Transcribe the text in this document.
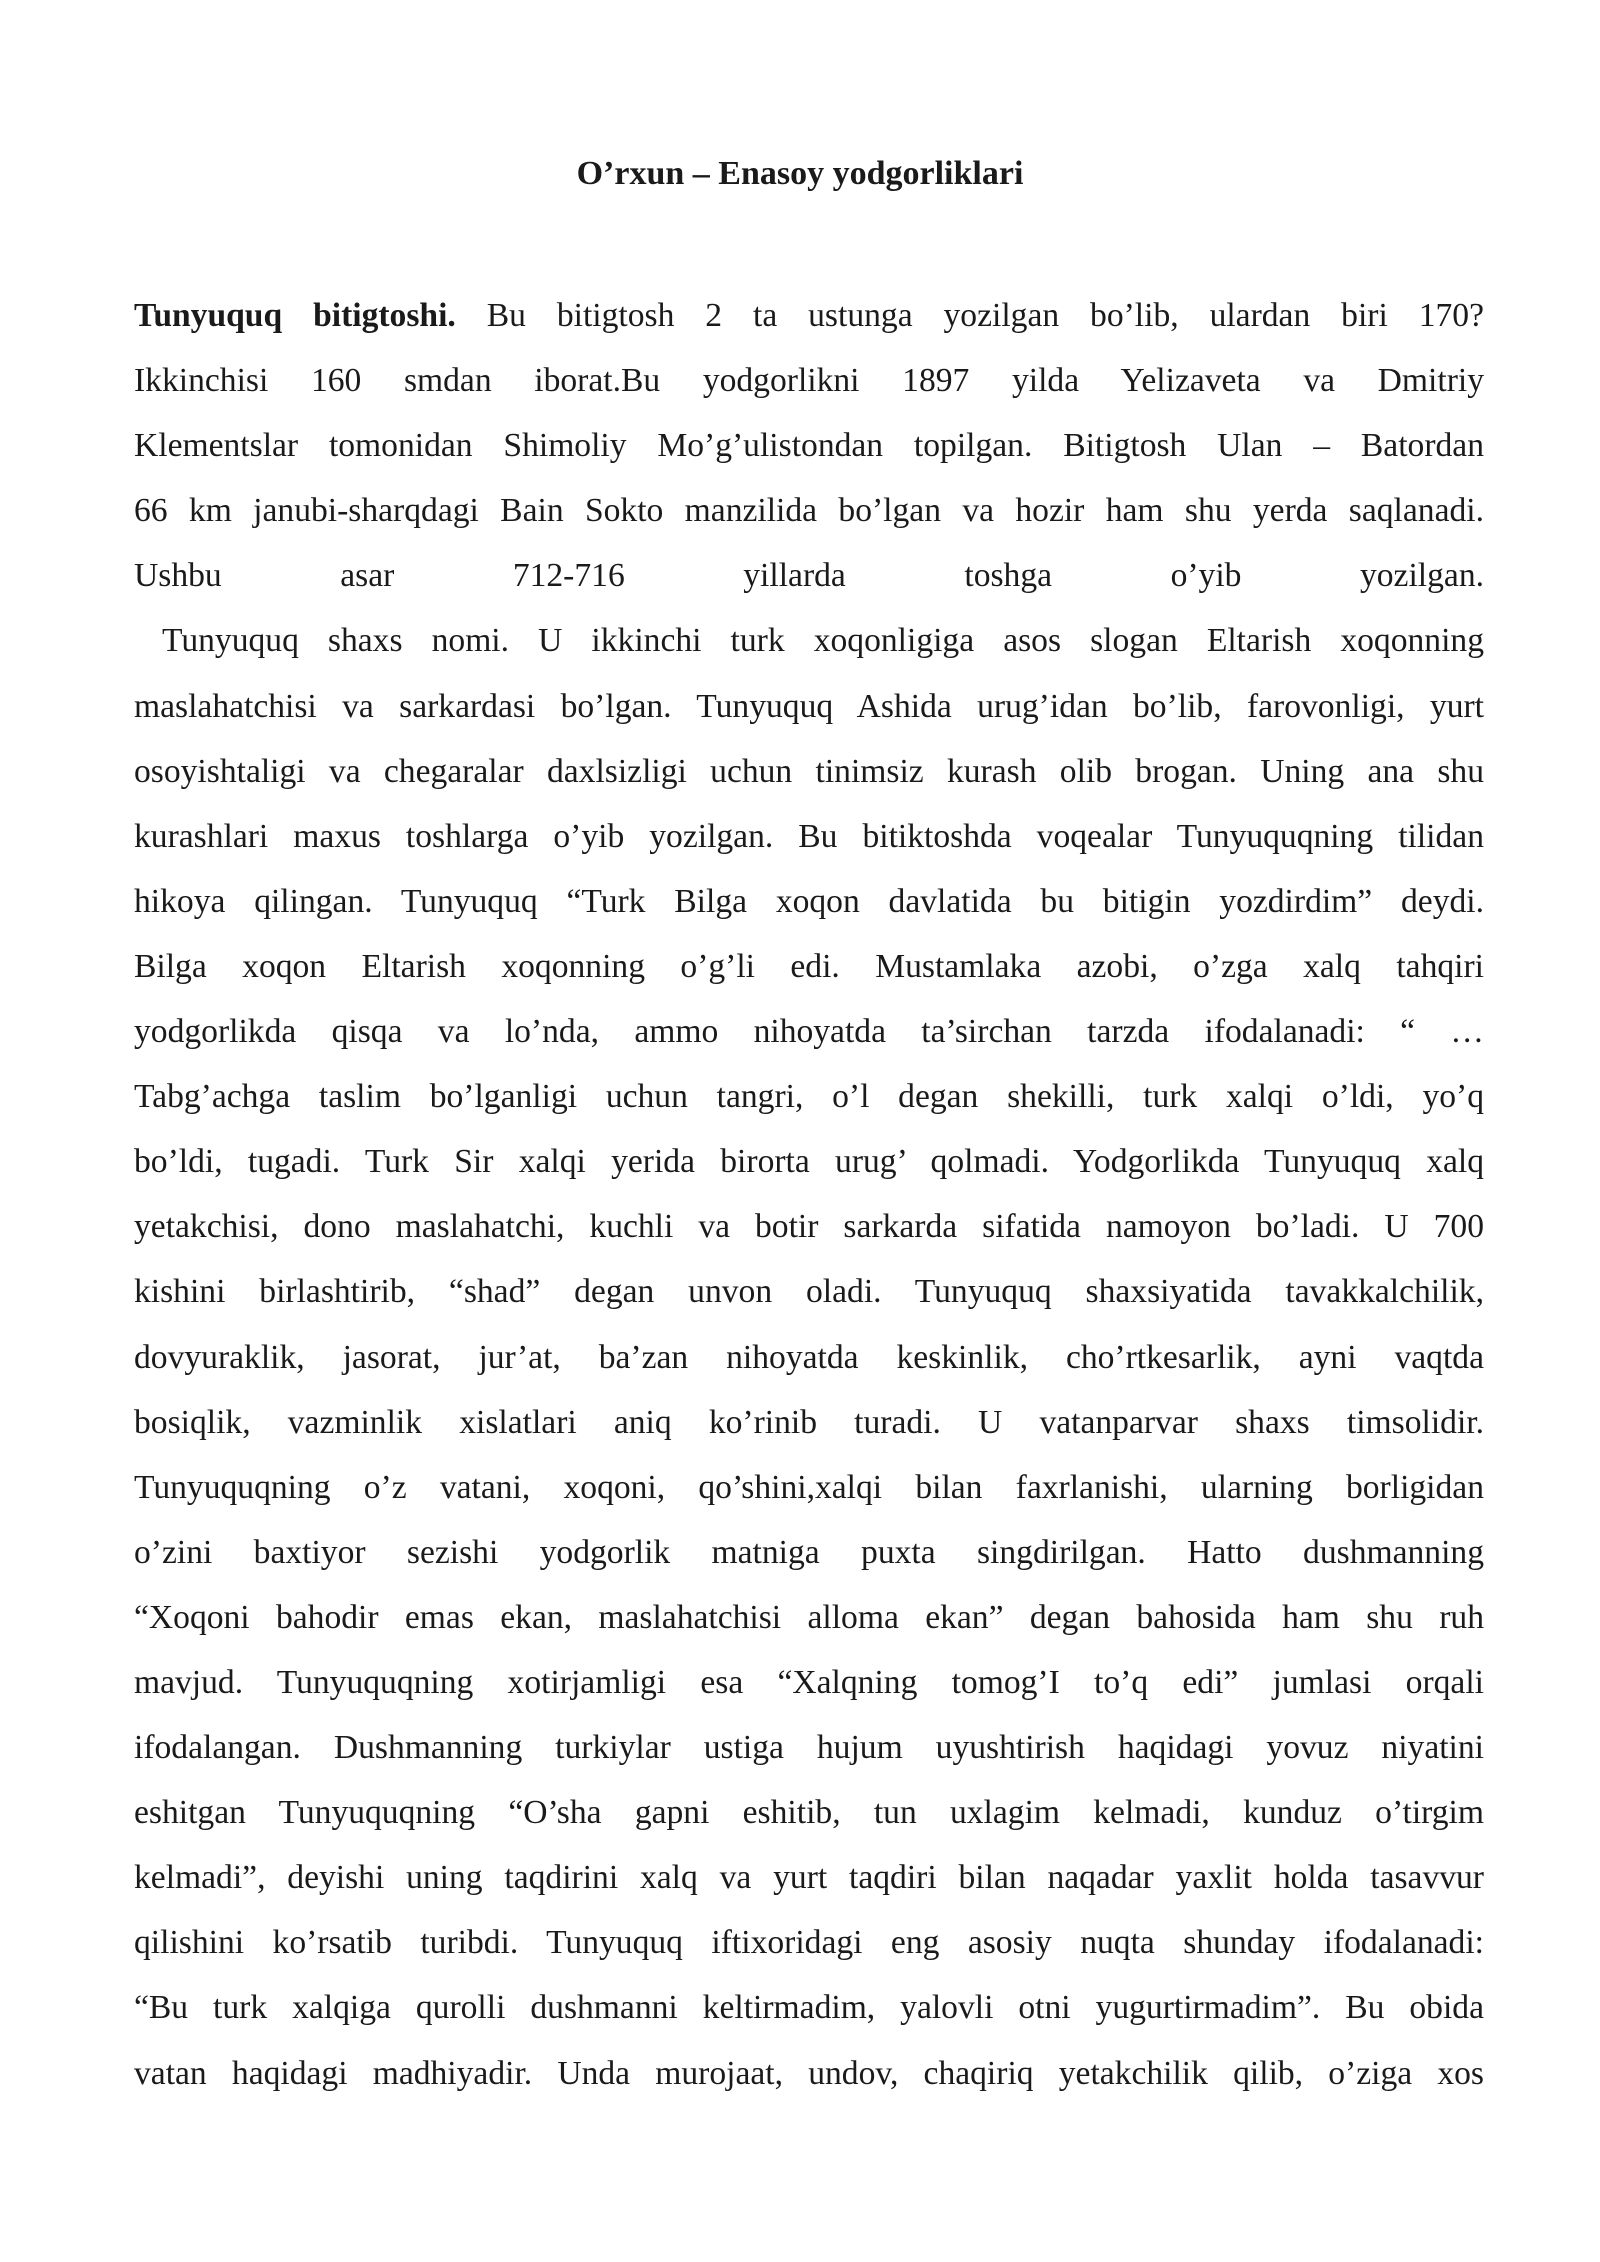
O’rxun – Enasoy yodgorliklari
Tunyuquq bitigtoshi. Bu bitigtosh 2 ta ustunga yozilgan bo’lib, ulardan biri 170?
Ikkinchisi 160 smdan iborat.Bu yodgorlikni 1897 yilda Yelizaveta va Dmitriy
Klementslar tomonidan Shimoliy Mo’g’ulistondan topilgan. Bitigtosh Ulan – Batordan
66 km janubi-sharqdagi Bain Sokto manzilida bo’lgan va hozir ham shu yerda saqlanadi.
Ushbu asar 712-716 yillarda toshga o’yib yozilgan.
Tunyuquq shaxs nomi. U ikkinchi turk xoqonligiga asos slogan Eltarish xoqonning
maslahatchisi va sarkardasi bo’lgan. Tunyuquq Ashida urug’idan bo’lib, farovonligi, yurt
osoyishtaligi va chegaralar daxlsizligi uchun tinimsiz kurash olib brogan. Uning ana shu
kurashlari maxus toshlarga o’yib yozilgan. Bu bitiktoshda voqealar Tunyuquqning tilidan
hikoya qilingan. Tunyuquq “Turk Bilga xoqon davlatida bu bitigin yozdirdim” deydi.
Bilga xoqon Eltarish xoqonning o’g’li edi. Mustamlaka azobi, o’zga xalq tahqiri
yodgorlikda qisqa va lo’nda, ammo nihoyatda ta’sirchan tarzda ifodalanadi: “ …
Tabg’achga taslim bo’lganligi uchun tangri, o’l degan shekilli, turk xalqi o’ldi, yo’q
bo’ldi, tugadi. Turk Sir xalqi yerida birorta urug’ qolmadi. Yodgorlikda Tunyuquq xalq
yetakchisi, dono maslahatchi, kuchli va botir sarkarda sifatida namoyon bo’ladi. U 700
kishini birlashtirib, “shad” degan unvon oladi. Tunyuquq shaxsiyatida tavakkalchilik,
dovyuraklik, jasorat, jur’at, ba’zan nihoyatda keskinlik, cho’rtkesarlik, ayni vaqtda
bosiqlik, vazminlik xislatlari aniq ko’rinib turadi. U vatanparvar shaxs timsolidir.
Tunyuquqning o’z vatani, xoqoni, qo’shini,xalqi bilan faxrlanishi, ularning borligidan
o’zini baxtiyor sezishi yodgorlik matniga puxta singdirilgan. Hatto dushmanning
“Xoqoni bahodir emas ekan, maslahatchisi alloma ekan” degan bahosida ham shu ruh
mavjud. Tunyuquqning xotirjamligi esa “Xalqning tomog’I to’q edi” jumlasi orqali
ifodalangan. Dushmanning turkiylar ustiga hujum uyushtirish haqidagi yovuz niyatini
eshitgan Tunyuquqning “O’sha gapni eshitib, tun uxlagim kelmadi, kunduz o’tirgim
kelmadi”, deyishi uning taqdirini xalq va yurt taqdiri bilan naqadar yaxlit holda tasavvur
qilishini ko’rsatib turibdi. Tunyuquq iftixoridagi eng asosiy nuqta shunday ifodalanadi:
“Bu turk xalqiga qurolli dushmanni keltirmadim, yalovli otni yugurtirmadim”. Bu obida
vatan haqidagi madhiyadir. Unda murojaat, undov, chaqiriq yetakchilik qilib, o’ziga xos
